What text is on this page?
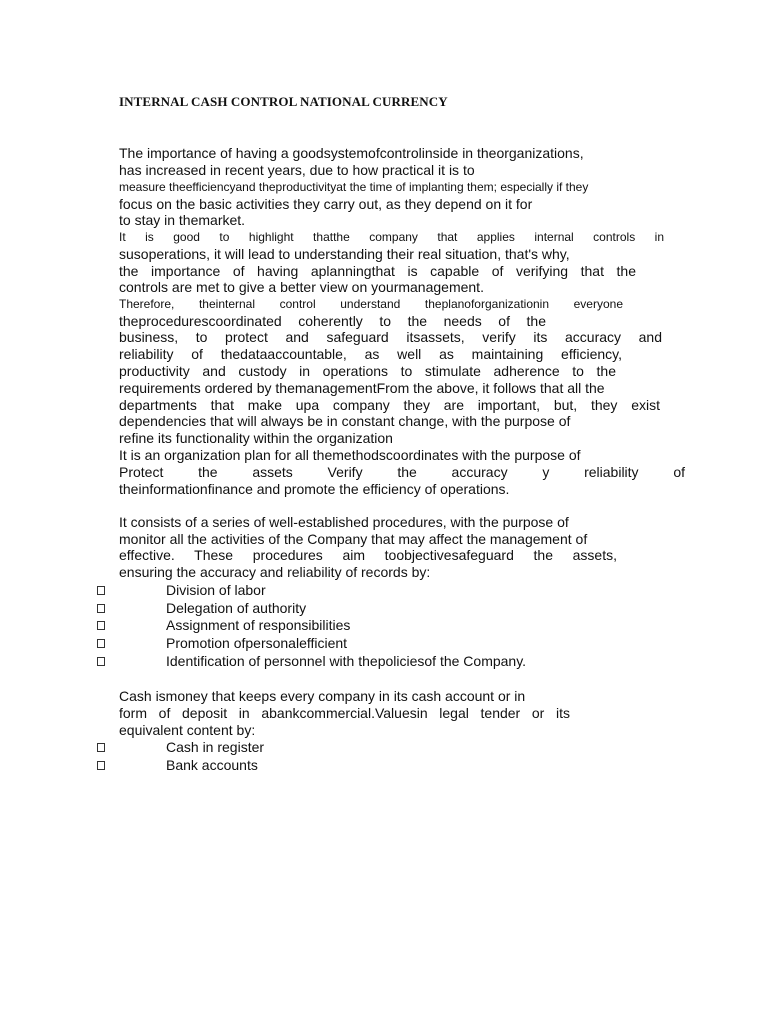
INTERNAL CASH CONTROL NATIONAL CURRENCY
The importance of having a goodsystemofcontrolinside in theorganizations,
has increased in recent years, due to how practical it is to
measure theefficiencyand theproductivityat the time of implanting them; especially if they
focus on the basic activities they carry out, as they depend on it for
to stay in themarket.
It is good to highlight thatthe company that applies internal controls in
susoperations, it will lead to understanding their real situation, that's why,
the importance of having aplanningthat is capable of verifying that the
controls are met to give a better view on yourmanagement.
Therefore, theinternal control understand theplanoforganizationin everyone
theprocedurescoordinated coherently to the needs of the
business, to protect and safeguard itsassets, verify its accuracy and
reliability of thedataaccountable, as well as maintaining efficiency,
productivity and custody in operations to stimulate adherence to the
requirements ordered by themanagementFrom the above, it follows that all the
departments that make upa company they are important, but, they exist
dependencies that will always be in constant change, with the purpose of
refine its functionality within the organization
It is an organization plan for all themethodscoordinates with the purpose of
Protect the assets Verify the accuracy y reliability of
theinformationfinance and promote the efficiency of operations.
It consists of a series of well-established procedures, with the purpose of
monitor all the activities of the Company that may affect the management of
effective. These procedures aim toobjectivesafeguard the assets,
ensuring the accuracy and reliability of records by:
Division of labor
Delegation of authority
Assignment of responsibilities
Promotion ofpersonalefficient
Identification of personnel with thepoliciesof the Company.
Cash ismoney that keeps every company in its cash account or in
form of deposit in abankcommercial.Valuesin legal tender or its
equivalent content by:
Cash in register
Bank accounts
